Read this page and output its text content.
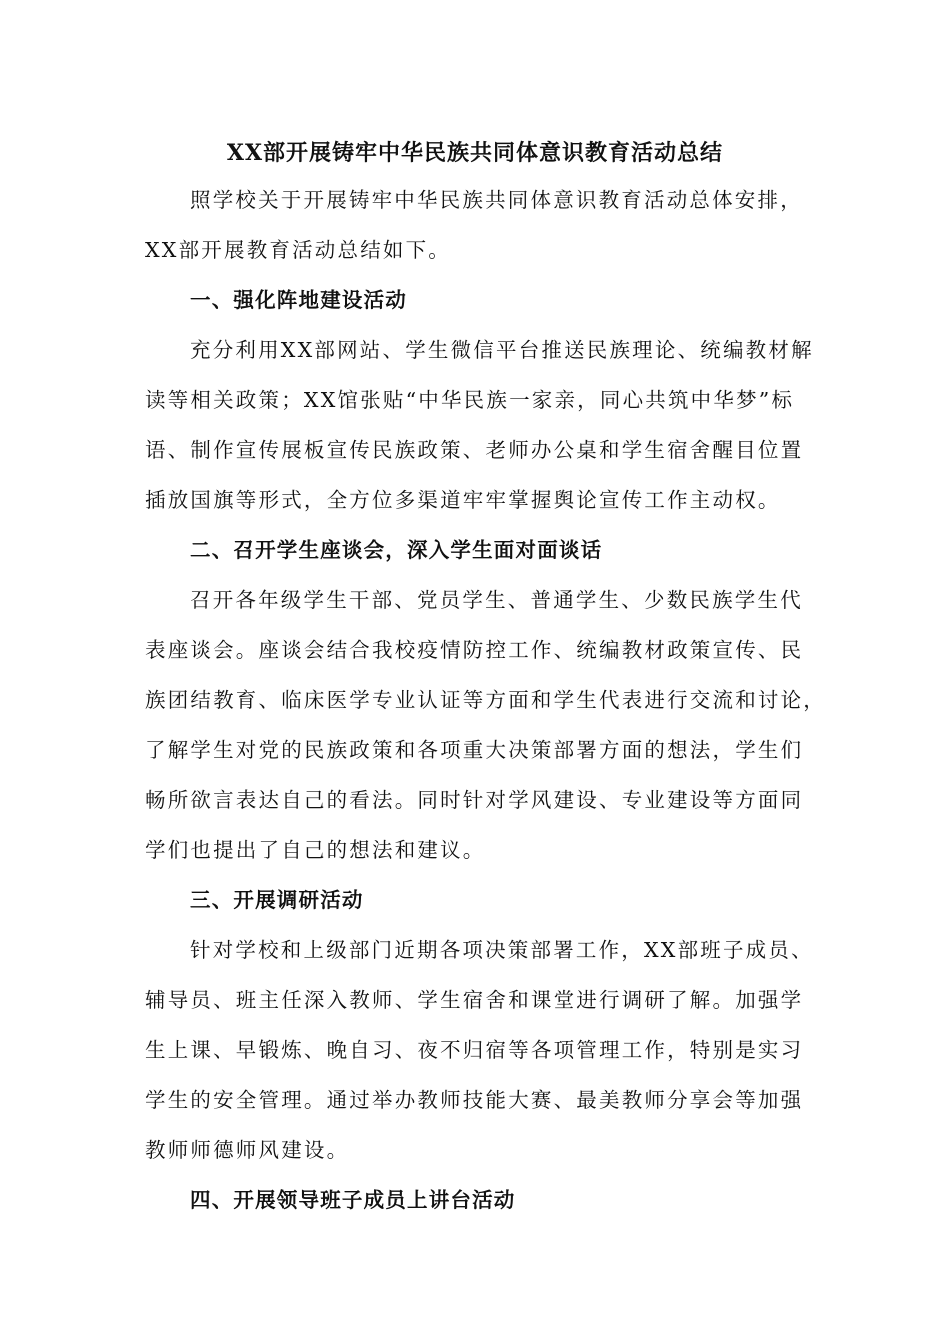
XX部开展铸牢中华民族共同体意识教育活动总结
照学校关于开展铸牢中华民族共同体意识教育活动总体安排，
XX部开展教育活动总结如下。
一、强化阵地建设活动
充分利用XX部网站、学生微信平台推送民族理论、统编教材解
读等相关政策；XX馆张贴“中华民族一家亲，同心共筑中华梦”标
语、制作宣传展板宣传民族政策、老师办公桌和学生宿舍醒目位置
插放国旗等形式，全方位多渠道牢牢掌握舆论宣传工作主动权。
二、召开学生座谈会，深入学生面对面谈话
召开各年级学生干部、党员学生、普通学生、少数民族学生代
表座谈会。座谈会结合我校疫情防控工作、统编教材政策宣传、民
族团结教育、临床医学专业认证等方面和学生代表进行交流和讨论，
了解学生对党的民族政策和各项重大决策部署方面的想法，学生们
畅所欲言表达自己的看法。同时针对学风建设、专业建设等方面同
学们也提出了自己的想法和建议。
三、开展调研活动
针对学校和上级部门近期各项决策部署工作，XX部班子成员、
辅导员、班主任深入教师、学生宿舍和课堂进行调研了解。加强学
生上课、早锻炼、晚自习、夜不归宿等各项管理工作，特别是实习
学生的安全管理。通过举办教师技能大赛、最美教师分享会等加强
教师师德师风建设。
四、开展领导班子成员上讲台活动
